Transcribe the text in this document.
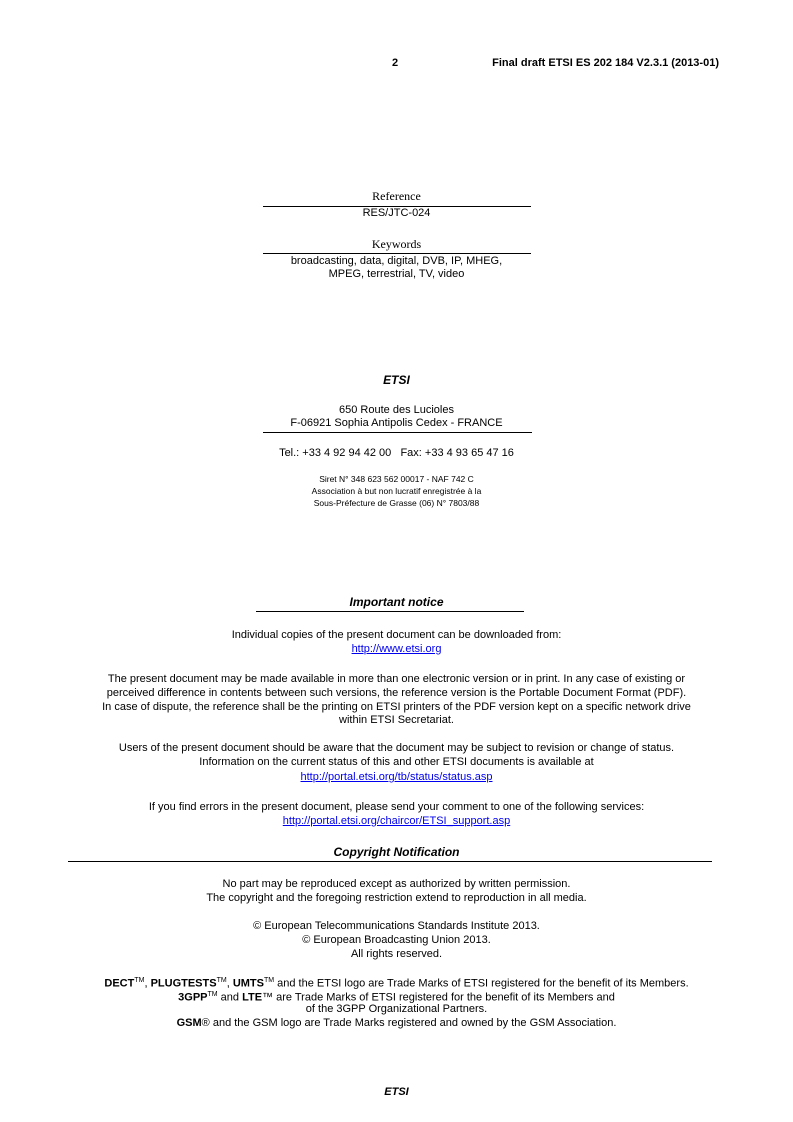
2	Final draft ETSI ES 202 184 V2.3.1 (2013-01)
Reference
RES/JTC-024
Keywords
broadcasting, data, digital, DVB, IP, MHEG,
MPEG, terrestrial, TV, video
ETSI
650 Route des Lucioles
F-06921 Sophia Antipolis Cedex - FRANCE
Tel.: +33 4 92 94 42 00   Fax: +33 4 93 65 47 16
Siret N° 348 623 562 00017 - NAF 742 C
Association à but non lucratif enregistrée à la
Sous-Préfecture de Grasse (06) N° 7803/88
Important notice
Individual copies of the present document can be downloaded from:
http://www.etsi.org
The present document may be made available in more than one electronic version or in print. In any case of existing or
perceived difference in contents between such versions, the reference version is the Portable Document Format (PDF).
In case of dispute, the reference shall be the printing on ETSI printers of the PDF version kept on a specific network drive
within ETSI Secretariat.
Users of the present document should be aware that the document may be subject to revision or change of status.
Information on the current status of this and other ETSI documents is available at
http://portal.etsi.org/tb/status/status.asp
If you find errors in the present document, please send your comment to one of the following services:
http://portal.etsi.org/chaircor/ETSI_support.asp
Copyright Notification
No part may be reproduced except as authorized by written permission.
The copyright and the foregoing restriction extend to reproduction in all media.
© European Telecommunications Standards Institute 2013.
© European Broadcasting Union 2013.
All rights reserved.
DECT™, PLUGTESTS™, UMTS™ and the ETSI logo are Trade Marks of ETSI registered for the benefit of its Members.
3GPP™ and LTE™ are Trade Marks of ETSI registered for the benefit of its Members and
of the 3GPP Organizational Partners.
GSM® and the GSM logo are Trade Marks registered and owned by the GSM Association.
ETSI
